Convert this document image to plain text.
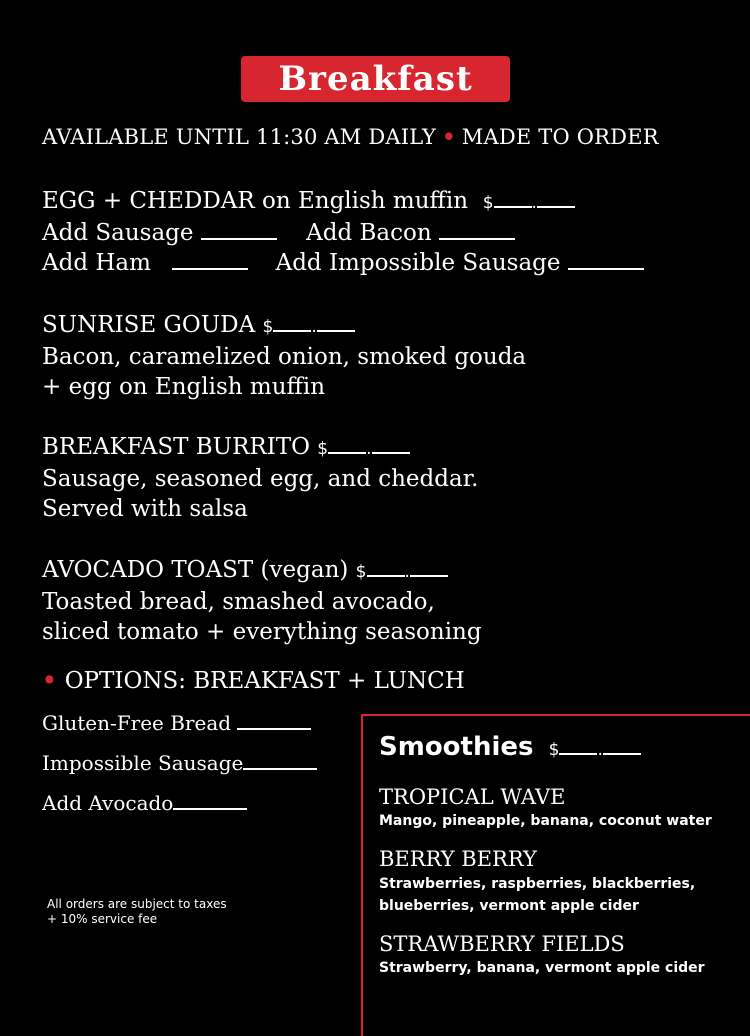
Breakfast
AVAILABLE UNTIL 11:30 AM DAILY • MADE TO ORDER
EGG + CHEDDAR on English muffin $ .
Add Sausage	Add Bacon
Add Ham	Add Impossible Sausage
SUNRISE GOUDA $ .
Bacon, caramelized onion, smoked gouda
+ egg on English muffin
BREAKFAST BURRITO $ .
Sausage, seasoned egg, and cheddar.
Served with salsa
AVOCADO TOAST (vegan) $ .
Toasted bread, smashed avocado,
sliced tomato + everything seasoning
• OPTIONS: BREAKFAST + LUNCH
Gluten-Free Bread
Impossible Sausage
Add Avocado
All orders are subject to taxes
+ 10% service fee
Smoothies $ .
TROPICAL WAVE
Mango, pineapple, banana, coconut water
BERRY BERRY
Strawberries, raspberries, blackberries,
blueberries, vermont apple cider
STRAWBERRY FIELDS
Strawberry, banana, vermont apple cider
